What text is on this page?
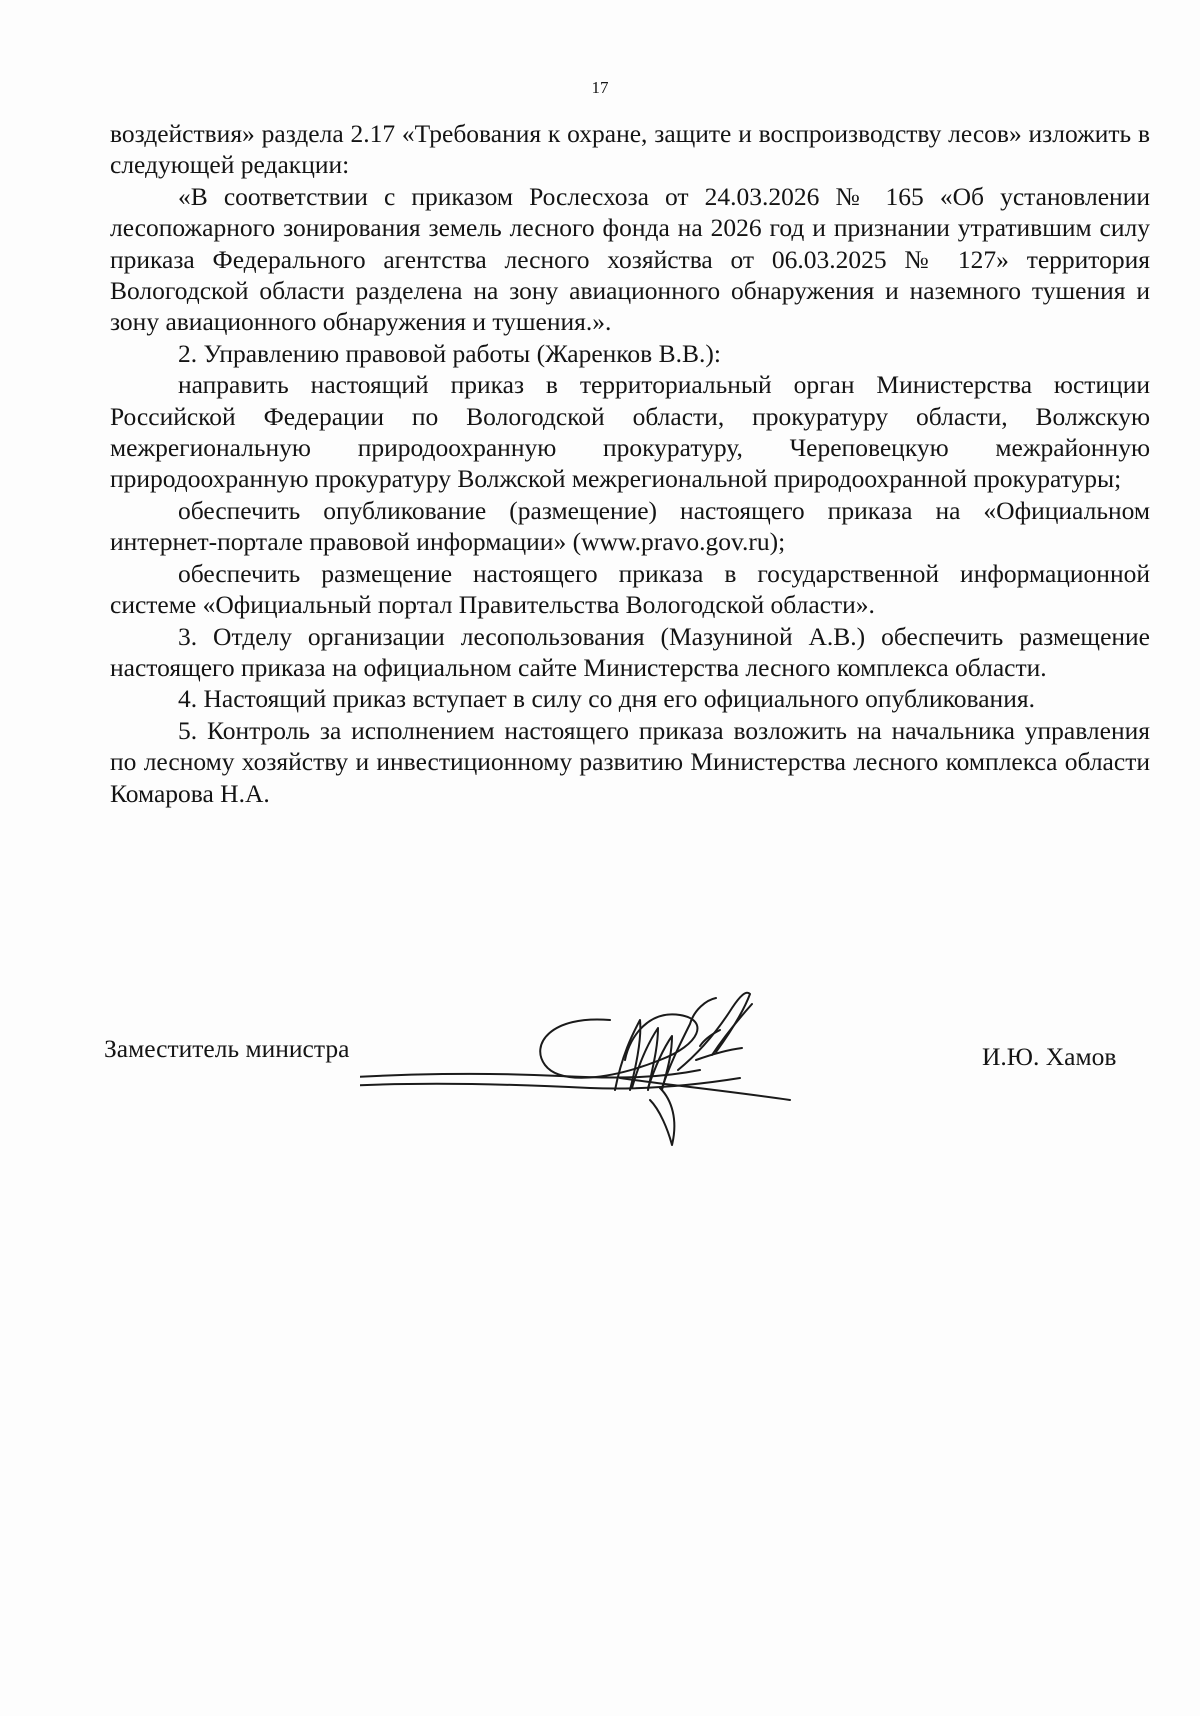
17

воздействия» раздела 2.17 «Требования к охране, защите и воспроизводству лесов» изложить в следующей редакции:

«В соответствии с приказом Рослесхоза от 24.03.2026 № 165 «Об установлении лесопожарного зонирования земель лесного фонда на 2026 год и признании утратившим силу приказа Федерального агентства лесного хозяйства от 06.03.2025 № 127» территория Вологодской области разделена на зону авиационного обнаружения и наземного тушения и зону авиационного обнаружения и тушения.».

2. Управлению правовой работы (Жаренков В.В.):

направить настоящий приказ в территориальный орган Министерства юстиции Российской Федерации по Вологодской области, прокуратуру области, Волжскую межрегиональную природоохранную прокуратуру, Череповецкую межрайонную природоохранную прокуратуру Волжской межрегиональной природоохранной прокуратуры;

обеспечить опубликование (размещение) настоящего приказа на «Официальном интернет-портале правовой информации» (www.pravo.gov.ru);

обеспечить размещение настоящего приказа в государственной информационной системе «Официальный портал Правительства Вологодской области».

3. Отделу организации лесопользования (Мазуниной А.В.) обеспечить размещение настоящего приказа на официальном сайте Министерства лесного комплекса области.

4. Настоящий приказ вступает в силу со дня его официального опубликования.

5. Контроль за исполнением настоящего приказа возложить на начальника управления по лесному хозяйству и инвестиционному развитию Министерства лесного комплекса области Комарова Н.А.

Заместитель министра	И.Ю. Хамов
